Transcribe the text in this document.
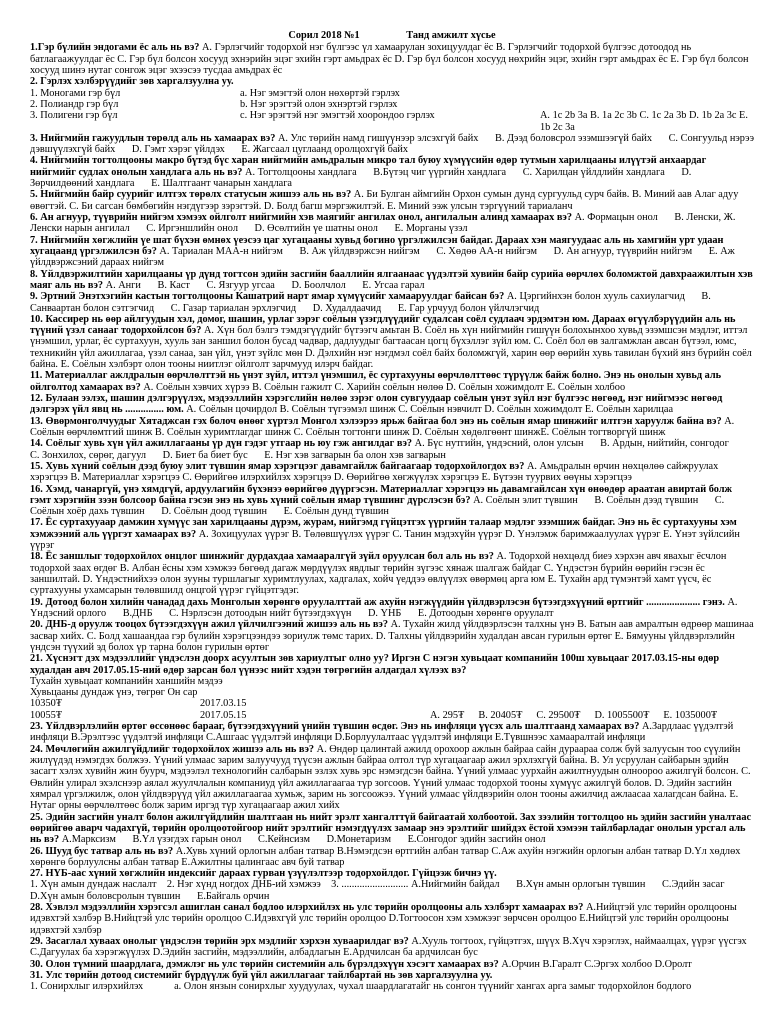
Сорил 2018 №1	Танд амжилт хүсье
1.Гэр бүлийн эндогами ёс аль нь вэ? A. Гэрлэгчийг тодорхой нэг бүлгээс үл хамаарулан зохицуулдаг ёс B. Гэрлэгчийг тодорхой бүлгээс дотоодод нь батлагаажуулдаг ёс C. Гэр бүл болсон хосууд эхнэрийн эцэг эхийн гэрт амьдрах ёс D. Гэр бүл болсон хосууд нөхрийн эцэг, эхийн гэрт амьдрах ёс E. Гэр бүл болсон хосууд шинэ нутаг сонгож эцэг эхээсээ тусдаа амьдрах ёс

2. Гэрлэх хэлбэрүүдийг зөв харгалзуулна уу.

1. Моногами гэр бүл	a. Нэг эмэгтэй олон нөхөртэй гэрлэх
2. Полиандр гэр бүл	b. Нэг эрэгтэй олон эхнэртэй гэрлэх
3. Полигени гэр бүл	c. Нэг эрэгтэй нэг эмэгтэй хоорондоо гэрлэх	A. 1c 2b 3a B. 1a 2c 3b C. 1c 2a 3b D. 1b 2a 3c E. 1b 2c 3a
3. Нийгмийн гажуудлын төрөлд аль нь хамаарах вэ? A. Улс төрийн намд гишүүнээр элсэхгүй байх B. Дээд боловсрол эзэмшээгүй байх C. Сонгуульд нэрээ дэвшүүлэхгүй байх D. Гэмт хэрэг үйлдэх E. Жагсаал цуглаанд оролцохгүй байх
4. Нийгмийн тогтолцооны макро бүтэд бүс харан нийгмийн амьдралын микро тал буюу хүмүүсийн өдөр тутмын харилцааны илүүтэй анхаардаг нийгмийг судлах онолын хандлага аль нь вэ? A. Тогтолцооны хандлага B.Бүтэц чиг үүргийн хандлага C. Харилцан үйлдлийн хандлага D. Зөрчилдөөний хандлага E. Шалтгаант чанарын хандлага
5. Нийгмийн байр суурийг илтгэх төрөлх статусын жишээ аль нь вэ? A. Би Булган аймгийн Орхон сумын дунд сургуульд сурч байв. B. Миний аав Алаг адуу өвөгтэй. C. Би сагсан бөмбөгийн нэгдүгээр зэрэгтэй. D. Болд багш мэргэжилтэй. E. Миний ээж улсын тэргүүний тариаланч
6. Ан агнуур, түүврийн нийгэм хэмээх ойлголт нийгмийн хэв маягийг ангилах онол, ангилалын алинд хамаарах вэ? A. Формацын онол B. Ленски, Ж. Ленски нарын ангилал C. Иргэншлийн онол D. Өсөлтийн үе шатны онол E. Морганы үзэл
7. Нийгмийн хөгжлийн үе шат бүхэн өмнөх үеэсээ цаг хугацааны хувьд богино үргэлжилсэн байдаг. Дараах хэн маягуудаас аль нь хамгийн урт удаан хугацаанд үргэлжилсэн бэ? A. Тариалан МАА-н нийгэм B. Аж үйлдвэржсэн нийгэм C. Хөдөө АА-н нийгэм D. Ан агнуур, түүврийн нийгэм E. Аж үйлдвэржсэний дараах нийгэм
8. Үйлдвэржилтийн харилцааны үр дүнд тогтсон эдийн засгийн бааллийн ялгаанаас үүдэлтэй хувийн байр сурийа өөрчлөх боломжтой давхраажилтын хэв маяг аль нь вэ? A. Анги B. Каст C. Язгуур угсаа D. Боолчлол E. Угсаа гарал
9. Эртний Энэтхэгийн кастын тогтолцооны Кашатрий нарт ямар хүмүүсийг хамааруулдаг байсан бэ? A. Цэргийнхэн болон хууль сахиулагчид B. Санваартан болон сэтгэгчид C. Газар тариалан эрхлэгчид D. Худалдаачид E. Гар урчууд болон үйлчлэгчид
10. Кассирер нь өөр айлгуудын хэл, домог, шашин, урлаг зэрэг соёлын үзэгдлүүдийг судалсан соёл судлаач эрдэмтэн юм. Дараах өгүүлбэрүүдийн аль нь түүний үзэл санааг тодорхойлсон бэ? A. Хүн бол бэлгэ тэмдэгүүдийг бүтээгч амьтан B. Соёл нь хүн нийгмийн гишүүн болохынхоо хувьд эзэмшсэн мэдлэг, иттэл үнэмшил, урлаг, ёс суртахуун, хууль зан заншил болон бусад чадвар, дадлуудыг багтаасан цогц бүхэллэг зүйл юм. C. Соёл бол өв залгамжлан авсан бүтээл, юмс, техникийн үйл ажиллагаа, үзэл санаа, зан үйл, үнэт зүйлс мөн D. Дэлхийн нэг нэгдмэл соёл байх боломжгүй, харин өөр өөрийн хувь тавилан бүхий янз бүрийн соёл байна. E. Соёлын хэлбэрт олон тооны ниитлэг ойлголт зарчмууд илэрч байдаг.
11. Материаллаг ажлдралын өөрчлөлттэй нь үнэт зүйл, иттэл үнэмшил, ёс суртахууны өөрчлөлттөөс түрүүлж байж болно. Энэ нь онолын хувьд аль ойлголтод хамаарах вэ? A. Соёлын хэвчих хүрээ B. Соёлын гажилт C. Харийн соёлын нөлөө D. Соёлын хожимдолт E. Соёлын холбоо
12. Булаан ээлэх, шашин дэлгэрүүлэх, мэдээллийн хэрэгслийн нөлөө зэрэг олон сувгуудаар соёлын үнэт зүйл нэг бүлгээс нөгөөд, нэг нийгмээс нөгөөд дэлгэрэх үйл явц нь ............... юм. A. Соёлын цочирдол B. Соёлын түгээмэл шинж C. Соёлын нэвчилт D. Соёлын хожимдолт E. Соёлын харилцаа
13. Өвөрмонголчуудыг Хятаджсан гэх болоч өнөөг хүртэл Монгол хэлээрээ ярьж байгаа бол энэ нь соёлын ямар шинжийг илтгэн харуулж байна вэ? A. Соёлын өөрчлөмтгий шинж B. Соёлын хуримтлагдаг шинж C. Соёлын тогтонги шинж D. Соёлын хөдөлгөөнт шинжE. Соёлын тогтворгүй шинж
14. Соёлыг хувь хүн үйл ажиллагааны үр дүн гэдэг утгаар нь юу гэж ангилдаг вэ? A. Бүс нутгийн, үндэсний, олон улсын B. Ардын, нийтийн, сонгодог C. Зонхилох, сөрөг, дагуул D. Биет ба биет бус E. Нэг хэв загварын ба олон хэв загварын
15. Хувь хүний соёлын дээд буюу элит түвшин ямар хэрэгцээг давамгайлж байгаагаар тодорхойлогдох вэ? A. Амьдралын өрчин нөхцөлөө сайжруулах хэрэгцээ B. Материаллаг хэрэгцээ C. Өөрийгөө илэрхийлэх хэрэгцээ D. Өөрийгөө хөгжүүлэх хэрэгцээ E. Бүтээн туурвих өөүны хэрэгцээ
16. Хэмд, чанаргүй, үнэ хямдгүй, ардуулагийн бүхэнээ өөрийгөө дүүргэсэн. Материаллаг хэрэгцээ нь давамгайлсан хүн өнөөдөр араатан авиртай болж гэмт хэрэгийн зээн болсоор байна гэсэн энэ нь хувь хүний соёлын ямар түвшинг дүрслэсэн бэ? A. Соёлын элит түвшин B. Соёлын дээд түвшин C. Соёлын хоёр дахь түвшин D. Соёлын доод түвшин E. Соёлын дунд түвшин
17. Ёс суртахууаар дамжин хүмүүс зан харилцааны дүрэм, журам, нийгэмд гүйцэтгэх үүргийн талаар мэдлэг эзэмшиж байдаг. Энэ нь ёс суртахууны хэм хэмжээний аль үүргэт хамаарах вэ? A. Зохицуулах үүрэг B. Төлөвшүүлэх үүрэг C. Танин мэдэхүйн үүрэг D. Үнэлэмж баримжаалуулах үүрэг E. Үнэт зүйлсийн үүрэг
18. Ёс заншлыг тодорхойлох онцлог шинжийг дурдахдаа хамааралгүй зүйл оруулсан бол аль нь вэ? A. Тодорхой нөхцөлд биеэ хэрхэн авч явахыг ёсчлон тодорхой заах өгдөг B. Албан ёсны хэм хэмжээ бөгөөд дагаж мөрдүүлэх явдлыг төрийн зүгээс хянаж шалгаж байдаг C. Үндэстэн бүрийн өөрийн гэсэн ёс заншилтай. D. Үндэстнийхээ олон зууны туршлагыг хуримтлуулах, хадгалах, хойч үеддээ өвлүүлэх өвөрмөц арга юм E. Тухайн ард түмэнтэй хамт үүсч, ёс суртахууны ухамсарын төлөвшилд онцгой үүрэг гүйцэтгэдэг.
19. Дотоод болон хилийн чанадад дахь Монголын хөрөнгө оруулалттай аж ахуйн нэгжүүдийн үйлдвэрлэсэн бүтээгдэхүүний өртгийг ..................... гэнэ. A. Үндэсний орлого B.ДНБ C. Нэрлэсэн дотоодын нийт бүтээгдэхүүн D. ҮНБ E. Дотоодын хөрөнгө оруулалт
20. ДНБ-д оруулж тооцох бүтээгдэхүүн ажил үйлчилгээний жишээ аль нь вэ? A. Тухайн жилд үйлдвэрлэсэн талхны үнэ B. Батын аав амралтын өдрөөр машинаа засвар хийх. C. Болд хашаандаа гэр бүлийн хэрэгцээндээ зориулж төмс тарих. D. Талхны үйлдвэрийн худалдан авсан гурилын өртөг E. Бямууны үйлдвэрлэлийн үндсэн түүхий эд болох үр тарна болон гурилын өртөг

21. Хүснэгт дэх мэдээллийг үндэслэн доорх асуултын зөв хариултыг олно уу? Иргэн С нэгэн хувьцаат компанийн 100ш хувьцааг 2017.03.15-ны өдөр худалдан авч 2017.05.15-ний өдөр зарсан бол үүнээс нийт хэдэн төгрөгийн алдагдал хүлээх вэ?

Тухайн хувьцаат компанийн ханшийн мэдээ

Хувьцааны дундаж үнэ, төгрөг Он сар

10350₮	2017.03.15
10055₮	2017.05.15	A. 295₮ B. 20405₮ C. 29500₮ D. 1005500₮ E. 1035000₮
23. Үйлдвэрлэлийн өртөг өссөнөөс барааг, бүтээгдэхүүний үнийн түвшин өсдөг. Энэ нь инфляци үүсэх аль шалтгаанд хамаарах вэ? A.Зардлаас үүдэлтэй инфляци B.Эрэлтээс үүдэлтэй инфляци C.Ашгаас үүдэлтэй инфляци D.Борлуулалтаас үүдэлтэй инфляци E.Түвшнээс хамааралтай инфляци
24. Мөчлөгийн ажилгүйдлийг тодорхойлох жишээ аль нь вэ? A. Өндөр цалинтай ажилд орохоор ажлын байраа сайн дураараа солж буй залуусын тоо сүүлийн жилүүдэд нэмэгдэх болжээ. Үүний улмаас зарим залуучууд түүсэн ажлын байраа олтол түр хугацаагаар ажил эрхлэхгүй байна. B. Ул усруулан сайбарын эдийн засагт хэлэх хувийн жин буурч, мэдээлэл технологийн салбарын эзлэх хувь эрс нэмэгдсэн байна. Үүний улмаас уурхайн ажилтнуудын олноороо ажилгүй болсон. C. Өвлийн улирал эхэлснээр аялал жуулчлалын компаниуд үйл ажиллагаагаа түр зогсоов. Үүний улмаас тодорхой тооны хүмүүс ажилгүй болов. D. Эдийн засгийн хямрал үргэлжилж, олон үйлдвэрүүд үйл ажиллагаагаа хумьж, зарим нь зогсоожээ. Үүний улмаас үйлдвэрийн олон тооны ажилчид ажлаасаа халагдсан байна. E. Нутаг орны өөрчлөлтөөс болж зарим иргэд түр хугацаагаар ажил хийх
25. Эдийн засгийн уналт болон ажилгүйдлийн шалтгаан нь нийт эрэлт хангалттүй байгаатай холбоотой. Зах зээлийн тогтолцоо нь эдийн засгийн уналтаас өөрийгөө аварч чадахгүй, төрийн оролцоотойгоор нийт эрэлтийг нэмэгдүүлэх замаар энэ эрэлтийг шийдэх ёстой хэмээн тайлбарладаг онолын урсгал аль нь вэ? A.Марксизм B.Үл үзэгдэх гарын онол C.Кейнсизм D.Монетаризм E.Сонгодог эдийн засгийн онол
26. Шууд бус татвар аль нь вэ? A.Хувь хүний орлогын албан татвар B.Нэмэгдсэн өртгийн албан татвар C.Аж ахуйн нэгжийн орлогын албан татвар D.Үл хөдлөх хөрөнгө борлуулсны албан татвар E.Ажилтны цалингаас авч буй татвар
27. НҮБ-аас хүний хөгжлийн индексийг дараах гурван үзүүлэлтээр тодорхойлдог. Гүйцээж бичнэ үү. 1. Хүн амын дундаж наслалт    2. Нэг хүнд ногдох ДНБ-ий хэмжээ    3. .......................... A.Нийгмийн байдал B.Хүн амын орлогын түвшин C.Эдийн засаг D.Хүн амын боловсролын түвшин E.Байгаль орчин
28. Хэвлэл мэдээллийн хэрэгсэл ашиглан санал бодлоо илэрхийлэх нь улс төрийн оролцооны аль хэлбэрт хамаарах вэ? A.Нийцтэй улс төрийн оролцооны идэвхтэй хэлбэр B.Нийцтэй улс төрийн оролцоо C.Идэвхгүй улс төрийн оролцоо D.Тогтоосон хэм хэмжээг зөрчсөн оролцоо E.Нийцтэй улс төрийн оролцооны идэвхтэй хэлбэр
29. Засаглал хуваах онолыг үндэслэн төрийн эрх мэдлийг хэрхэн хуваарилдаг вэ? A.Хууль тогтоох, гүйцэтгэх, шүүх B.Хүч хэрэглэх, наймаалцах, үүрэг үүсгэх C.Дагуулах ба хэрэгжүүлэх D.Эдийн засгийн, мэдээллийн, албадлагын E.Ардчилсан ба ардчилсан бус
30. Олон түмний шаардлага, дэмжлэг нь улс төрийн системийн аль бүрэлдэхүүн хэсэгт хамаарах вэ? A.Орчин B.Гаралт C.Эргэх холбоо D.Оролт

31. Улс төрийн дотоод системийг бүрдүүлж буй үйл ажиллагааг тайлбартай нь зөв харгалзуулна уу.

1. Сонирхлыг илэрхийлэх            a. Олон янзын сонирхлыг хуудуулах, чухал шаардлагатайг нь сонгон түүнийг хангах арга замыг тодорхойлон бодлого
